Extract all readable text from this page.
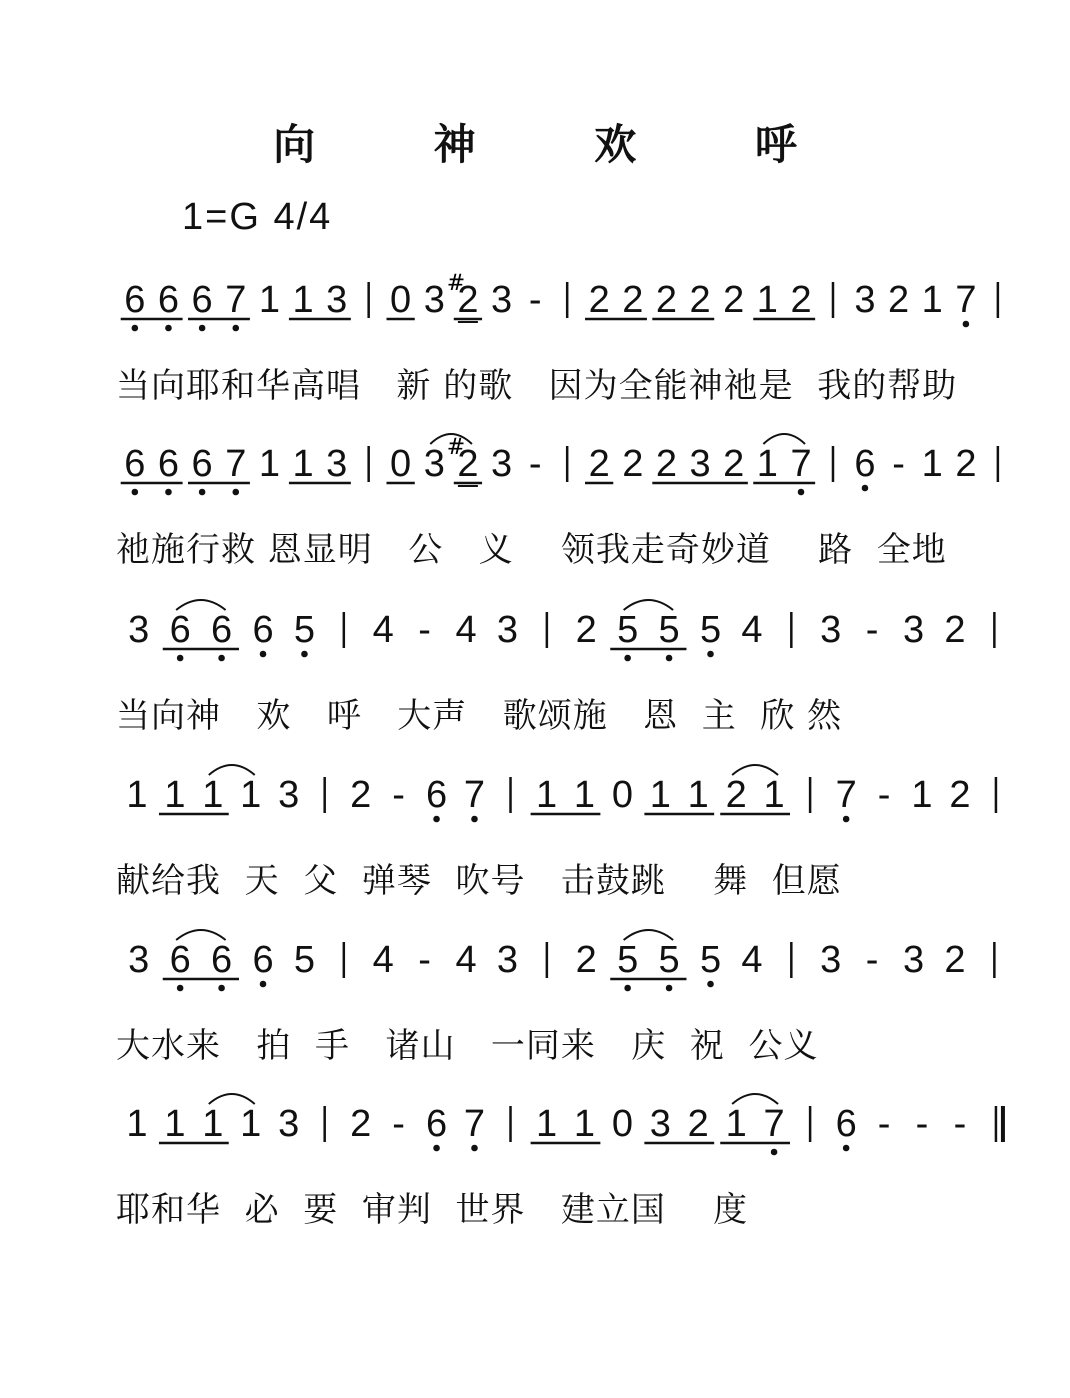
向 神 欢 呼
1=G 4/4
6 6 6 7 1 1 3 0 3 2
# 3 - 2 2 2 2 2 1 2 3 2 1 7
当向耶和华高唱   新 的歌   因为全能神祂是  我的帮助
6 6 6 7 1 1 3 0 3 2
# 3 - 2 2 2 3 2 1 7 6 - 1 2
祂施行救 恩显明   公   义    领我走奇妙道    路  全地
3 6 6 6 5 4 - 4 3 2 5 5 5 4 3 - 3 2
当向神   欢   呼   大声   歌颂施   恩  主  欣 然
1 1 1 1 3 2 - 6 7 1 1 0 1 1 2 1 7 - 1 2
献给我  天  父  弹琴  吹号   击鼓跳    舞  但愿
3 6 6 6 5 4 - 4 3 2 5 5 5 4 3 - 3 2
大水来   拍  手   诸山   一同来   庆  祝  公义
1 1 1 1 3 2 - 6 7 1 1 0 3 2 1 7 6 - - -
耶和华  必  要  审判  世界   建立国    度
